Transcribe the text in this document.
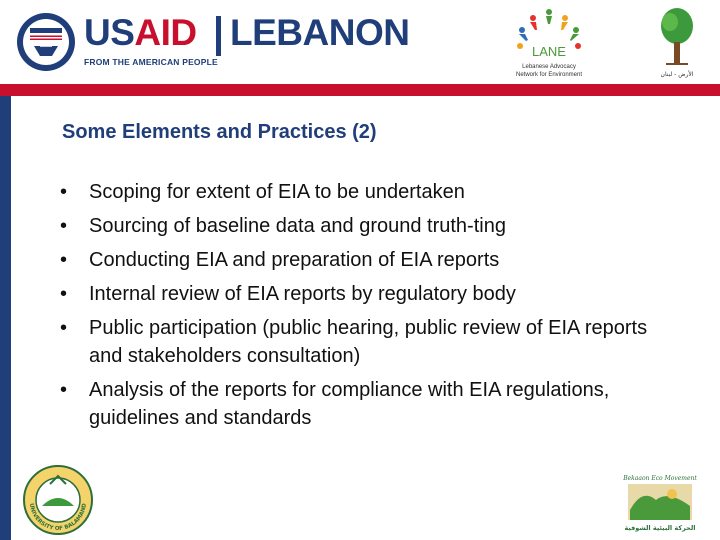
USAID LEBANON
FROM THE AMERICAN PEOPLE
LANE
Lebanese Advocacy
Network for Environment	الأرض - لبنان
Some Elements and Practices (2)
• Scoping for extent of EIA to be undertaken
• Sourcing of baseline data and ground truth-ting
• Conducting EIA and preparation of EIA reports
• Internal review of EIA reports by regulatory body
• Public participation (public hearing, public review of EIA reports and stakeholders consultation)
• Analysis of the reports for compliance with EIA regulations, guidelines and standards
UNIVERSITY OF BALAMAND
Bekaaon Eco Movement
الحركة البيئية الشوفية
